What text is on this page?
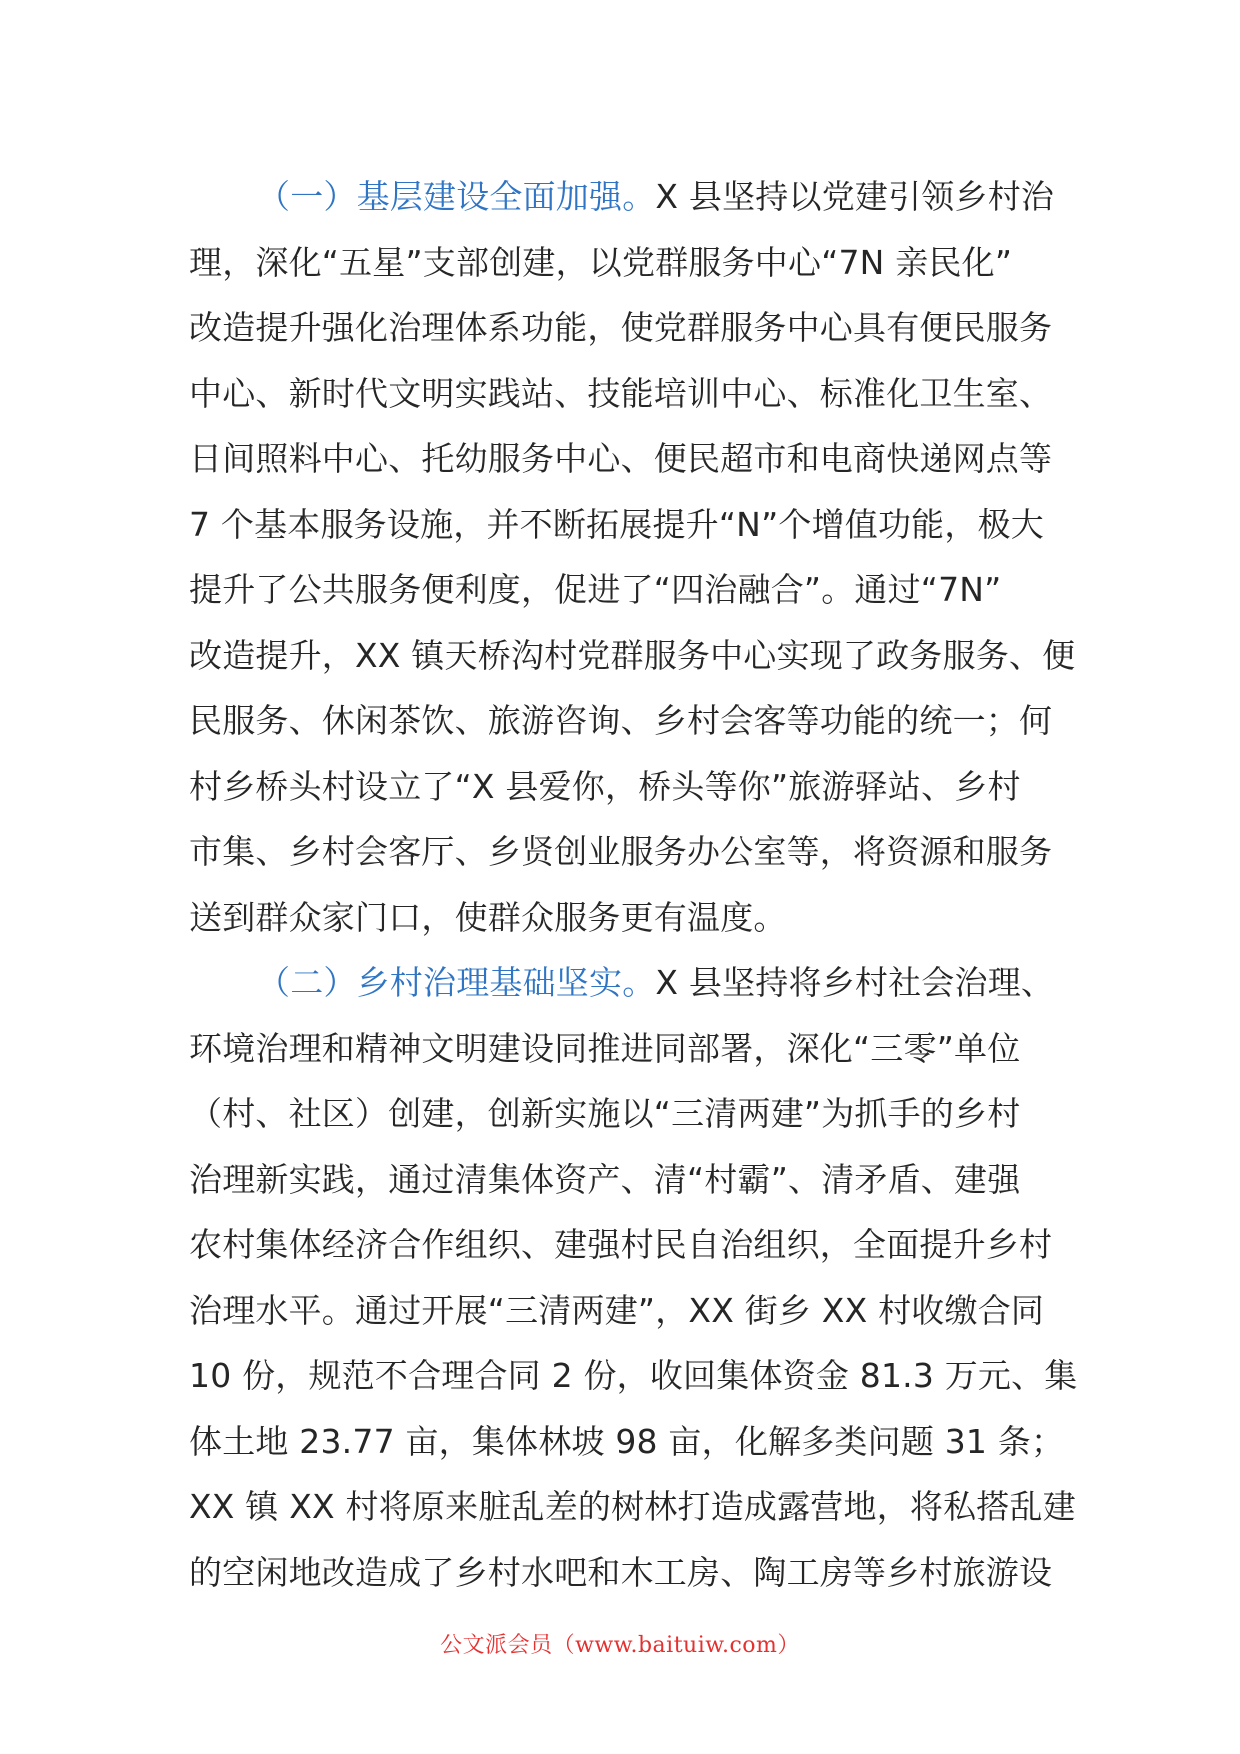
（一）基层建设全面加强。X 县坚持以党建引领乡村治
理，深化“五星”支部创建，以党群服务中心“7N 亲民化”
改造提升强化治理体系功能，使党群服务中心具有便民服务
中心、新时代文明实践站、技能培训中心、标准化卫生室、
日间照料中心、托幼服务中心、便民超市和电商快递网点等
7 个基本服务设施，并不断拓展提升“N”个增值功能，极大
提升了公共服务便利度，促进了“四治融合”。通过“7N”
改造提升，XX 镇天桥沟村党群服务中心实现了政务服务、便
民服务、休闲茶饮、旅游咨询、乡村会客等功能的统一；何
村乡桥头村设立了“X 县爱你，桥头等你”旅游驿站、乡村
市集、乡村会客厅、乡贤创业服务办公室等，将资源和服务
送到群众家门口，使群众服务更有温度。
（二）乡村治理基础坚实。X 县坚持将乡村社会治理、
环境治理和精神文明建设同推进同部署，深化“三零”单位
（村、社区）创建，创新实施以“三清两建”为抓手的乡村
治理新实践，通过清集体资产、清“村霸”、清矛盾、建强
农村集体经济合作组织、建强村民自治组织，全面提升乡村
治理水平。通过开展“三清两建”，XX 街乡 XX 村收缴合同
10 份，规范不合理合同 2 份，收回集体资金 81.3 万元、集
体土地 23.77 亩，集体林坡 98 亩，化解多类问题 31 条；
XX 镇 XX 村将原来脏乱差的树林打造成露营地，将私搭乱建
的空闲地改造成了乡村水吧和木工房、陶工房等乡村旅游设
公文派会员（www.baituiw.com）
